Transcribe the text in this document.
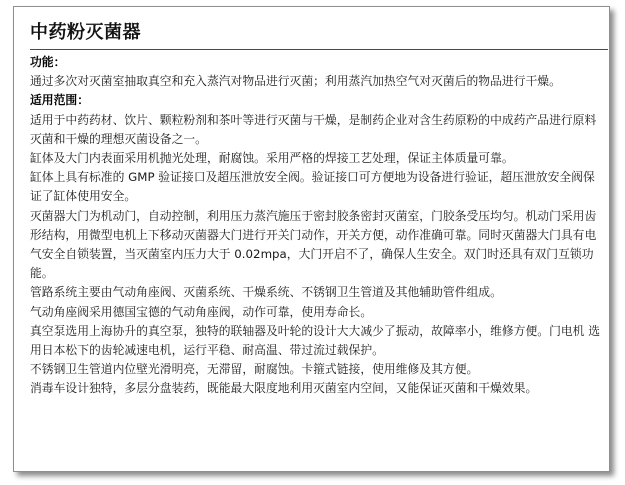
中药粉灭菌器
功能：

通过多次对灭菌室抽取真空和充入蒸汽对物品进行灭菌；利用蒸汽加热空气对灭菌后的物品进行干燥。

适用范围：

适用于中药药材、饮片、颗粒粉剂和茶叶等进行灭菌与干燥，是制药企业对含生药原粉的中成药产品进行原料灭菌和干燥的理想灭菌设备之一。

缸体及大门内表面采用机抛光处理，耐腐蚀。采用严格的焊接工艺处理，保证主体质量可靠。

缸体上具有标准的 GMP 验证接口及超压泄放安全阀。验证接口可方便地为设备进行验证，超压泄放安全阀保证了缸体使用安全。

灭菌器大门为机动门，自动控制，利用压力蒸汽施压于密封胶条密封灭菌室，门胶条受压均匀。机动门采用齿形结构，用微型电机上下移动灭菌器大门进行开关门动作，开关方便，动作准确可靠。同时灭菌器大门具有电气安全自锁装置，当灭菌室内压力大于 0.02mpa，大门开启不了，确保人生安全。双门时还具有双门互锁功能。

管路系统主要由气动角座阀、灭菌系统、干燥系统、不锈钢卫生管道及其他辅助管件组成。

气动角座阀采用德国宝德的气动角座阀，动作可靠，使用寿命长。

真空泵选用上海协升的真空泵，独特的联轴器及叶轮的设计大大减少了振动，故障率小，维修方便。门电机 选用日本松下的齿轮减速电机，运行平稳、耐高温、带过流过载保护。

不锈钢卫生管道内位壁光滑明亮，无滞留，耐腐蚀。卡箍式链接，使用维修及其方便。

消毒车设计独特，多层分盘装药，既能最大限度地利用灭菌室内空间，又能保证灭菌和干燥效果。
